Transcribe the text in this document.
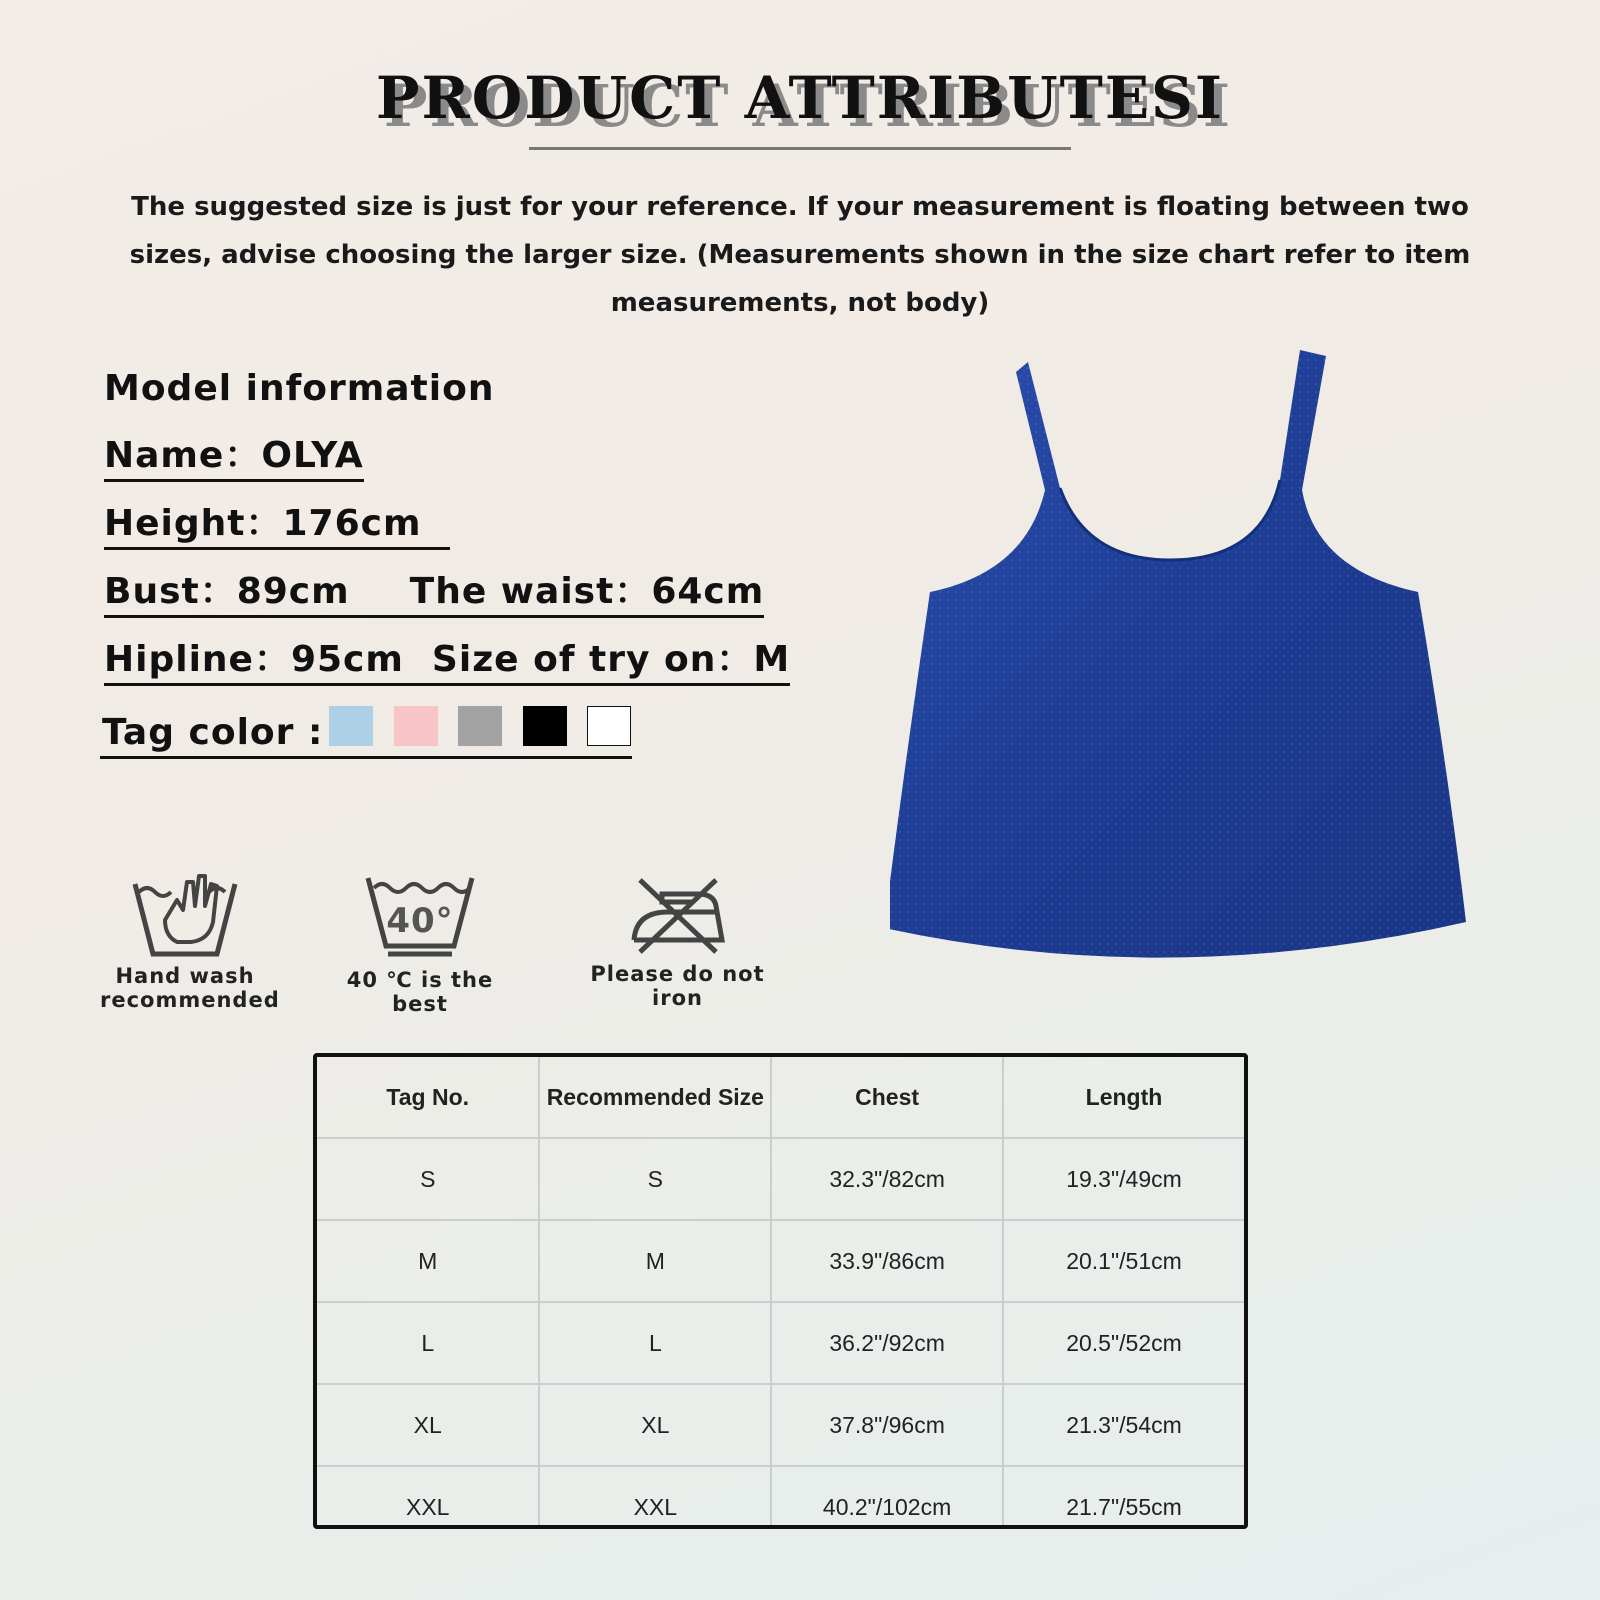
PRODUCT ATTRIBUTESI
The suggested size is just for your reference. If your measurement is floating between two sizes, advise choosing the larger size. (Measurements shown in the size chart refer to item measurements, not body)
Model information
Name：OLYA
Height：176cm
Bust：89cm The waist：64cm
Hipline：95cm Size of try on：M
Tag color :
Hand wash
recommended
40°
40 ℃ is the best
Please do not iron
Tag No.	Recommended Size	Chest	Length
S	S	32.3"/82cm	19.3"/49cm
M	M	33.9"/86cm	20.1"/51cm
L	L	36.2"/92cm	20.5"/52cm
XL	XL	37.8"/96cm	21.3"/54cm
XXL	XXL	40.2"/102cm	21.7"/55cm
